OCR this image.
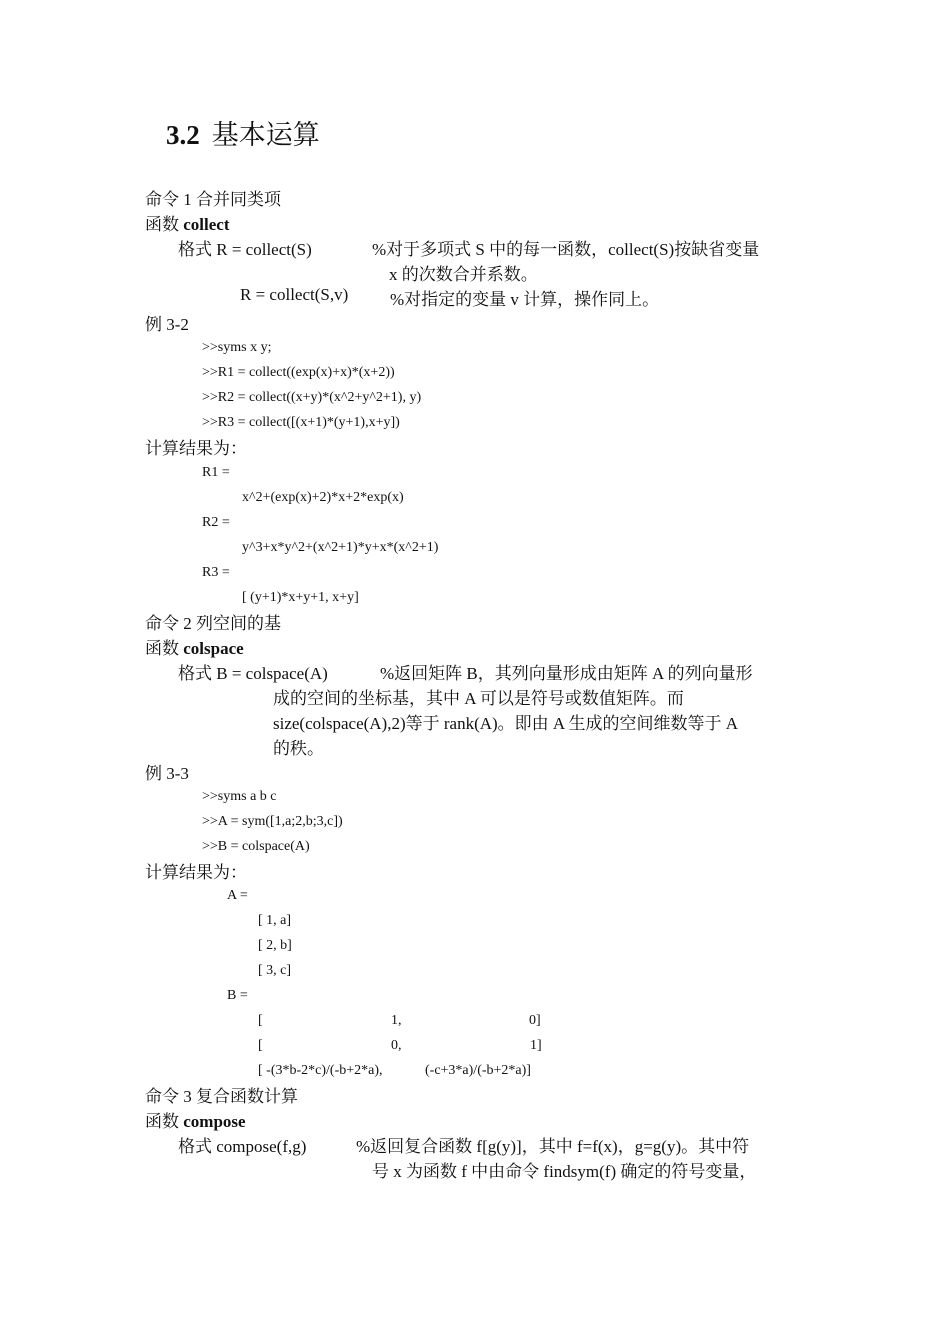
3.2 基本运算
命令 1 合并同类项
函数 collect
格式 R = collect(S)	%对于多项式 S 中的每一函数，collect(S)按缺省变量
x 的次数合并系数。
R = collect(S,v) %对指定的变量 v 计算，操作同上。
例 3-2
>>syms x y;
>>R1 = collect((exp(x)+x)*(x+2))
>>R2 = collect((x+y)*(x^2+y^2+1), y)
>>R3 = collect([(x+1)*(y+1),x+y])
计算结果为：
R1 =
x^2+(exp(x)+2)*x+2*exp(x)
R2 =
y^3+x*y^2+(x^2+1)*y+x*(x^2+1)
R3 =
[ (y+1)*x+y+1, x+y]
命令 2 列空间的基
函数 colspace
格式 B = colspace(A)	%返回矩阵 B，其列向量形成由矩阵 A 的列向量形
成的空间的坐标基，其中 A 可以是符号或数值矩阵。而
size(colspace(A),2)等于 rank(A)。即由 A 生成的空间维数等于 A
的秩。
例 3-3
>>syms a b c
>>A = sym([1,a;2,b;3,c])
>>B = colspace(A)
计算结果为：
A =
[ 1, a]
[ 2, b]
[ 3, c]
B =
[	1,	0]
[	0,	1]
[ -(3*b-2*c)/(-b+2*a),	(-c+3*a)/(-b+2*a)]
命令 3 复合函数计算
函数 compose
格式 compose(f,g)	%返回复合函数 f[g(y)]，其中 f=f(x)，g=g(y)。其中符
号 x 为函数 f 中由命令 findsym(f) 确定的符号变量，
